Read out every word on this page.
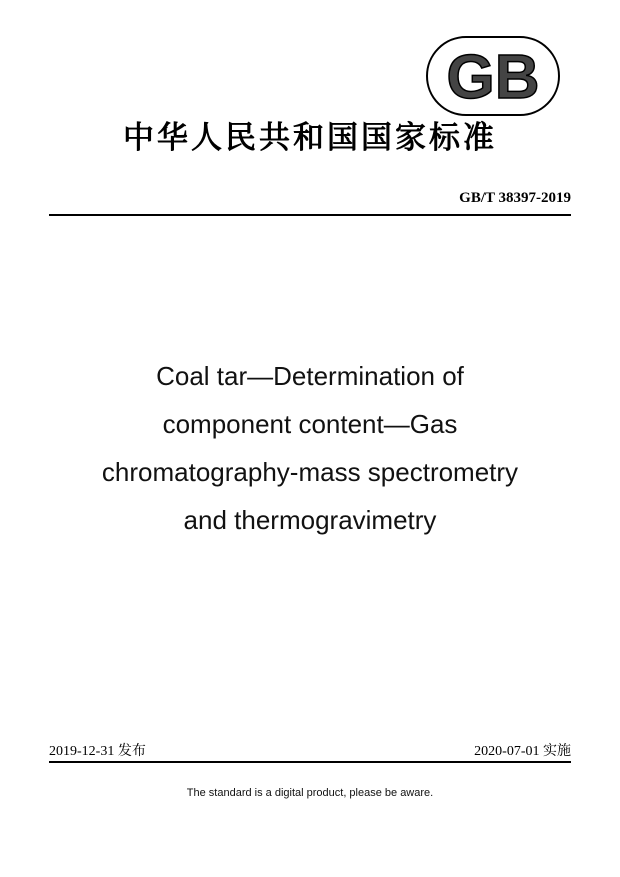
GB
中华人民共和国国家标准
GB/T 38397-2019
Coal tar—Determination of
component content—Gas
chromatography-mass spectrometry
and thermogravimetry
2019-12-31 发布	2020-07-01 实施
The standard is a digital product, please be aware.
